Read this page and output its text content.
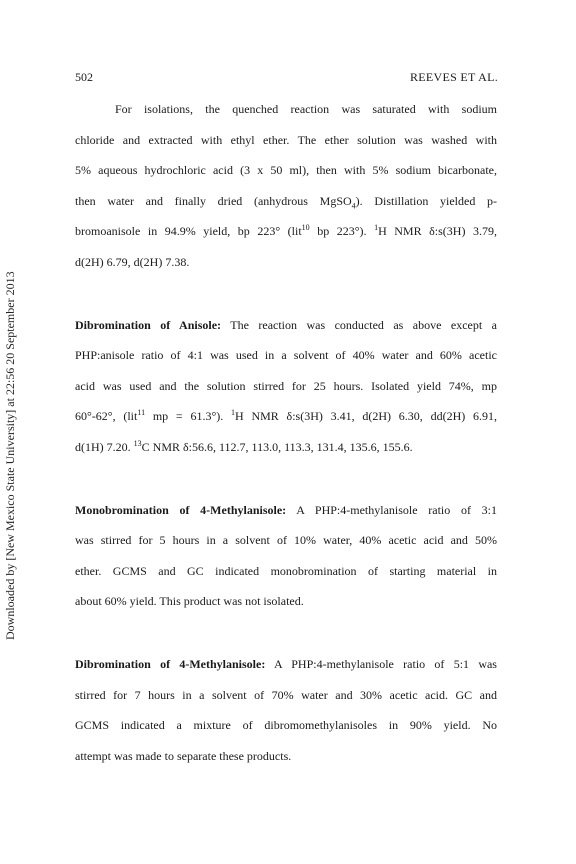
502	REEVES ET AL.
Downloaded by [New Mexico State University] at 22:56 20 September 2013
For isolations, the quenched reaction was saturated with sodium
chloride and extracted with ethyl ether. The ether solution was washed with
5% aqueous hydrochloric acid (3 x 50 ml), then with 5% sodium bicarbonate,
then water and finally dried (anhydrous MgSO$_4$). Distillation yielded p-
bromoanisole in 94.9% yield, bp 223° (lit$^{10}$ bp 223°). $^1$H NMR δ:s(3H) 3.79,
d(2H) 6.79, d(2H) 7.38.
Dibromination of Anisole: The reaction was conducted as above except a
PHP:anisole ratio of 4:1 was used in a solvent of 40% water and 60% acetic
acid was used and the solution stirred for 25 hours. Isolated yield 74%, mp
60°-62°, (lit$^{11}$ mp = 61.3°). $^1$H NMR δ:s(3H) 3.41, d(2H) 6.30, dd(2H) 6.91,
d(1H) 7.20. $^{13}$C NMR δ:56.6, 112.7, 113.0, 113.3, 131.4, 135.6, 155.6.
Monobromination of 4-Methylanisole: A PHP:4-methylanisole ratio of 3:1
was stirred for 5 hours in a solvent of 10% water, 40% acetic acid and 50%
ether. GCMS and GC indicated monobromination of starting material in
about 60% yield. This product was not isolated.
Dibromination of 4-Methylanisole: A PHP:4-methylanisole ratio of 5:1 was
stirred for 7 hours in a solvent of 70% water and 30% acetic acid. GC and
GCMS indicated a mixture of dibromomethylanisoles in 90% yield. No
attempt was made to separate these products.
